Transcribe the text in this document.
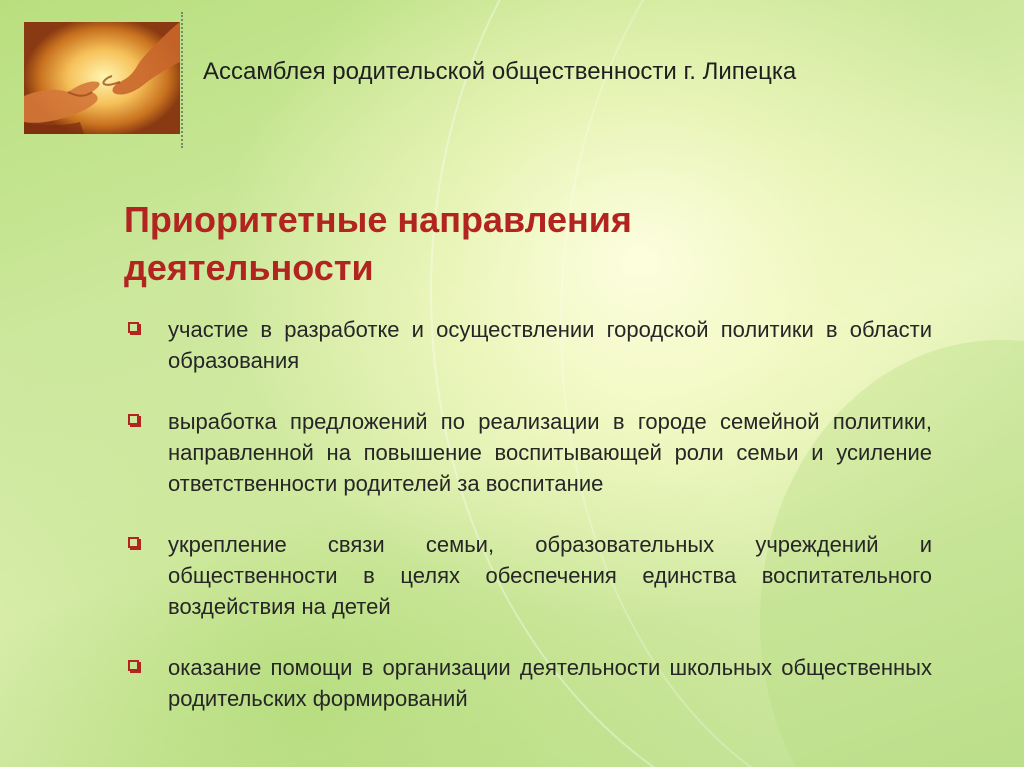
Ассамблея родительской общественности г. Липецка
Приоритетные направления деятельности
участие в разработке и осуществлении городской политики в области образования
выработка предложений по реализации в городе семейной политики, направленной на повышение воспитывающей роли семьи и усиление ответственности родителей за воспитание
укрепление связи семьи, образовательных учреждений и общественности в целях обеспечения единства воспитательного воздействия на детей
оказание помощи в организации деятельности школьных общественных родительских формирований
